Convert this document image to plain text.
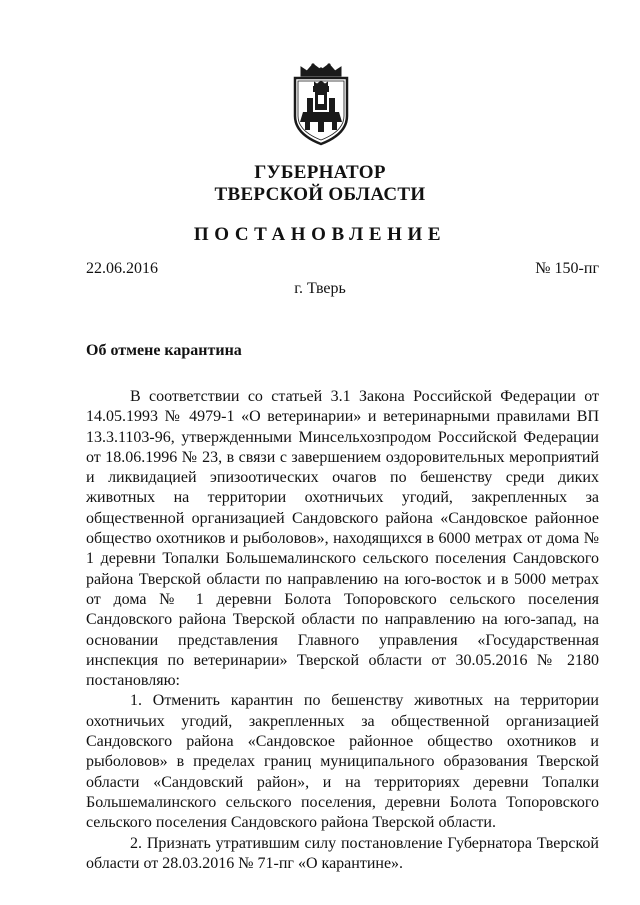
ГУБЕРНАТОР
ТВЕРСКОЙ ОБЛАСТИ
ПОСТАНОВЛЕНИЕ
22.06.2016	№ 150-пг
г. Тверь
Об отмене карантина

В соответствии со статьей 3.1 Закона Российской Федерации от 14.05.1993 № 4979-1 «О ветеринарии» и ветеринарными правилами ВП 13.3.1103-96, утвержденными Минсельхозпродом Российской Федерации от 18.06.1996 № 23, в связи с завершением оздоровительных мероприятий и ликвидацией эпизоотических очагов по бешенству среди диких животных на территории охотничьих угодий, закрепленных за общественной организацией Сандовского района «Сандовское районное общество охотников и рыболовов», находящихся в 6000 метрах от дома № 1 деревни Топалки Большемалинского сельского поселения Сандовского района Тверской области по направлению на юго-восток и в 5000 метрах от дома № 1 деревни Болота Топоровского сельского поселения Сандовского района Тверской области по направлению на юго-запад, на основании представления Главного управления «Государственная инспекция по ветеринарии» Тверской области от 30.05.2016 № 2180 постановляю:

1. Отменить карантин по бешенству животных на территории охотничьих угодий, закрепленных за общественной организацией Сандовского района «Сандовское районное общество охотников и рыболовов» в пределах границ муниципального образования Тверской области «Сандовский район», и на территориях деревни Топалки Большемалинского сельского поселения, деревни Болота Топоровского сельского поселения Сандовского района Тверской области.

2. Признать утратившим силу постановление Губернатора Тверской области от 28.03.2016 № 71-пг «О карантине».
